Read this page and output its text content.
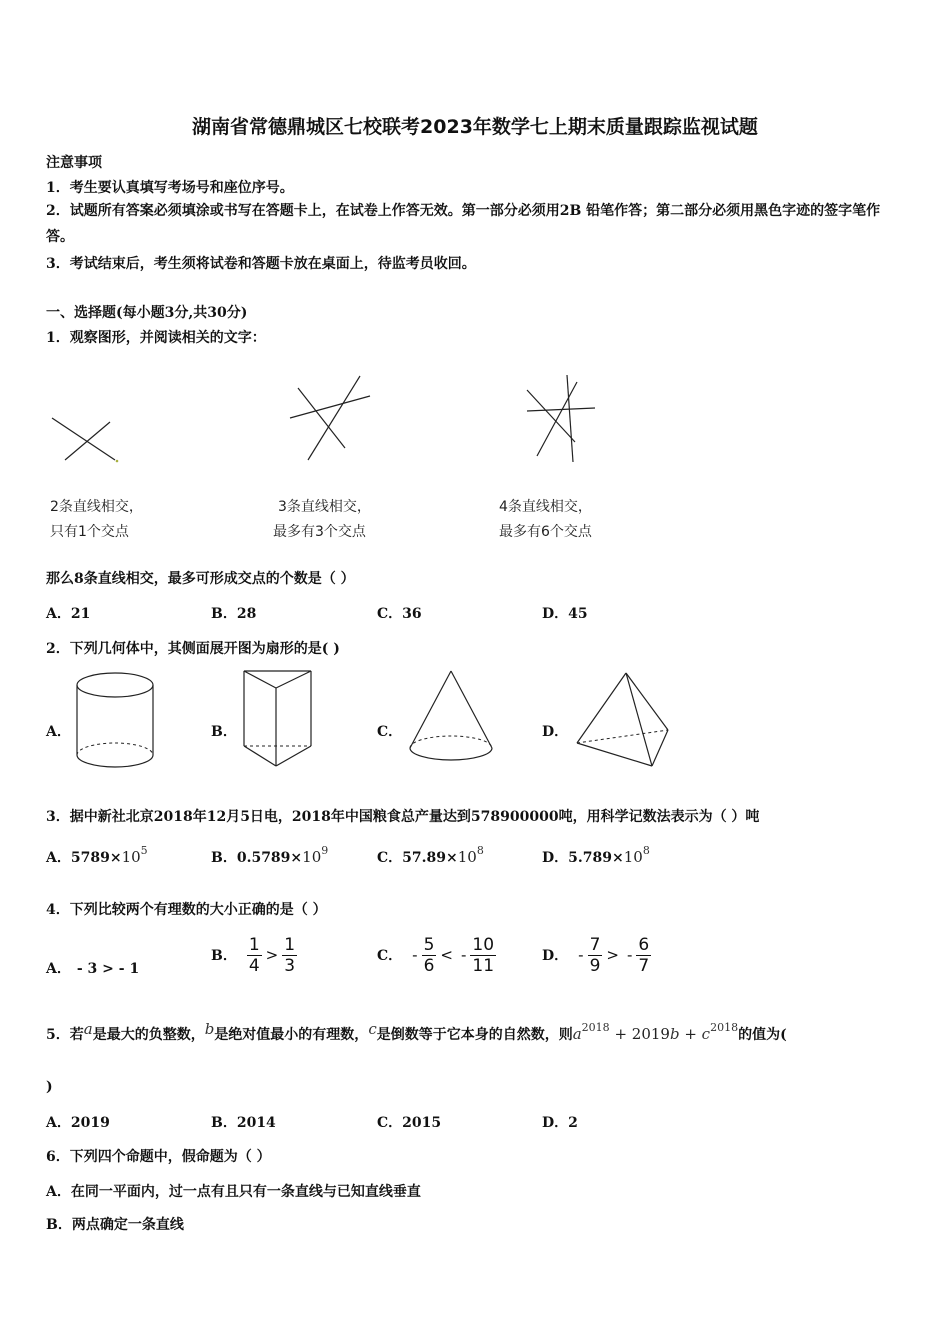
湖南省常德鼎城区七校联考2023年数学七上期末质量跟踪监视试题
注意事项
1．考生要认真填写考场号和座位序号。
2．试题所有答案必须填涂或书写在答题卡上，在试卷上作答无效。第一部分必须用2B 铅笔作答；第二部分必须用黑色字迹的签字笔作答。
3．考试结束后，考生须将试卷和答题卡放在桌面上，待监考员收回。
一、选择题(每小题3分,共30分)
1．观察图形，并阅读相关的文字：
2条直线相交，
只有1个交点
3条直线相交，
最多有3个交点
4条直线相交，
最多有6个交点
那么8条直线相交，最多可形成交点的个数是（ ）
A．21	B．28	C．36	D．45
2．下列几何体中，其侧面展开图为扇形的是( )
A．	B．	C．	D．
3．据中新社北京2018年12月5日电，2018年中国粮食总产量达到578900000吨，用科学记数法表示为（ ）吨
A．$5789\times 10^5$	B．$0.5789\times 10^9$	C．$57.89\times 10^8$	D．$5.789\times 10^8$
4．下列比较两个有理数的大小正确的是（ ）
A． - 3 > - 1
B． $\frac{1}{4} > \frac{1}{3}$	C． - $\frac{5}{6}$ < - $\frac{10}{11}$	D． - $\frac{7}{9}$ > - $\frac{6}{7}$
5．若a是最大的负整数，b是绝对值最小的有理数，c是倒数等于它本身的自然数，则$a^{2018} + 2019b + c^{2018}$的值为(
)
A．2019	B．2014	C．2015	D．2
6．下列四个命题中，假命题为（ ）
A．在同一平面内，过一点有且只有一条直线与已知直线垂直
B．两点确定一条直线
